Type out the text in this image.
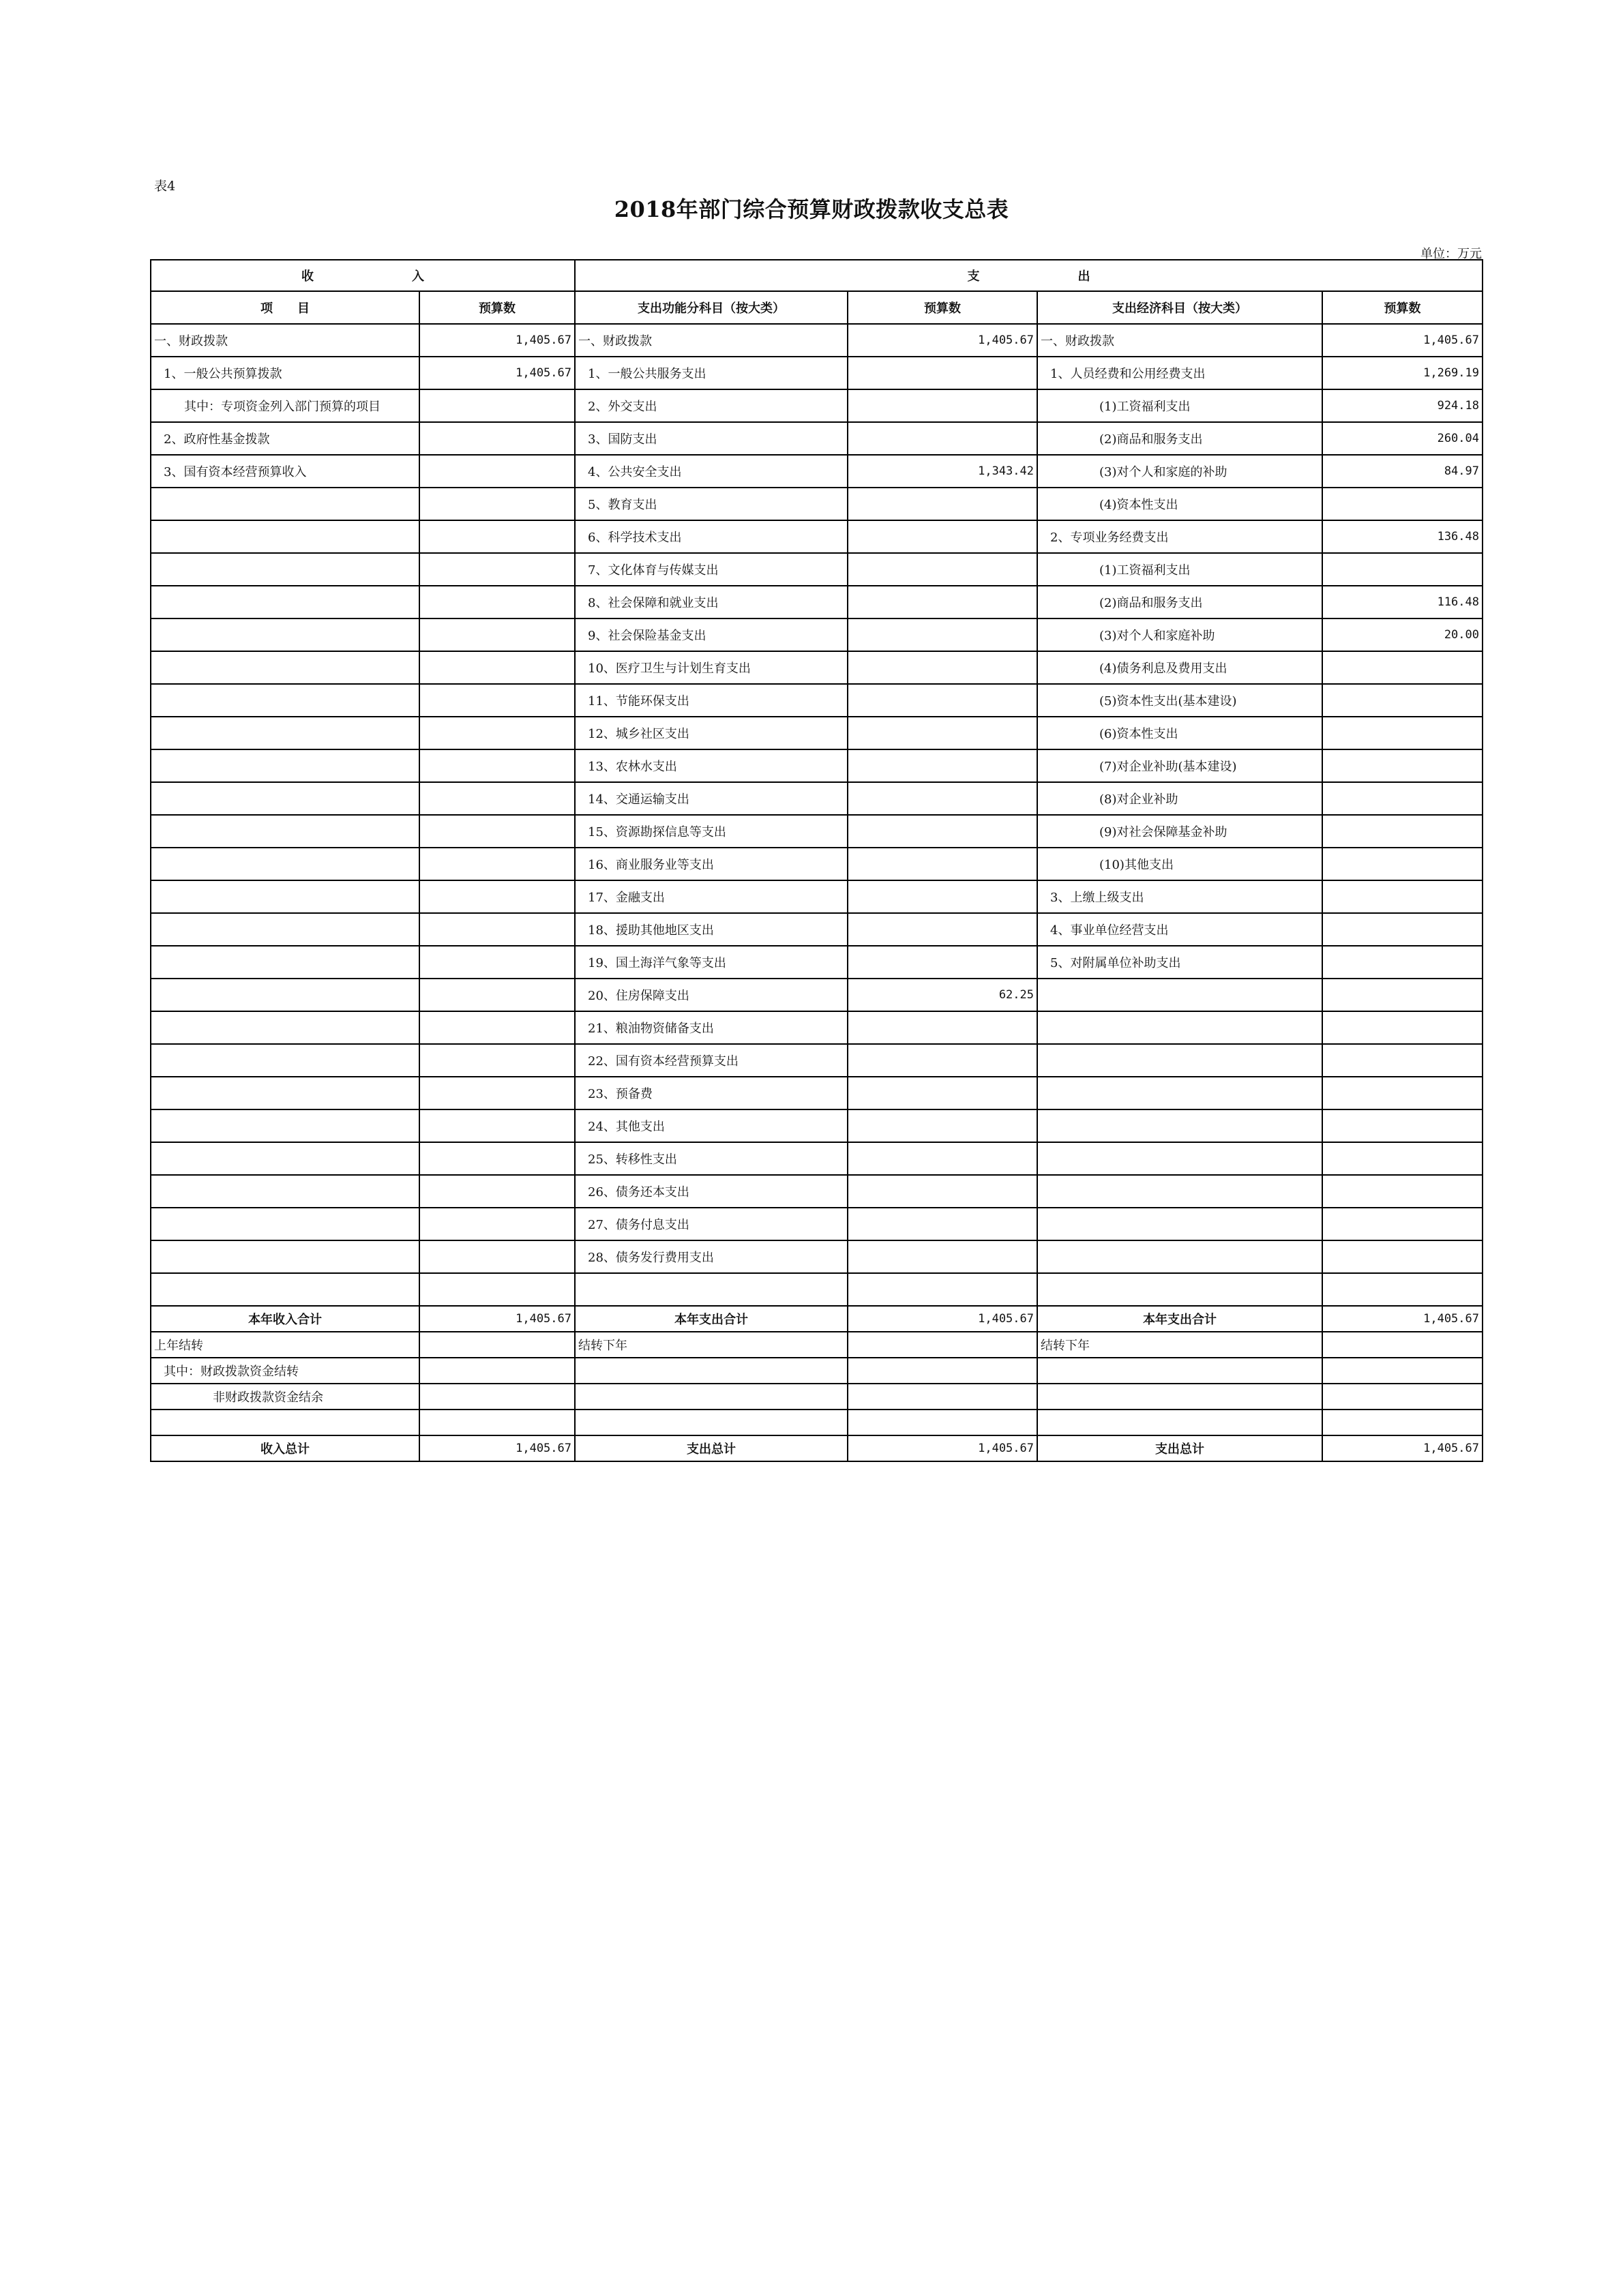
表4
2018年部门综合预算财政拨款收支总表
单位：万元
收　　　　　　　　入		支　　　　　　　　出			
项　　目	预算数	支出功能分科目（按大类）	预算数	支出经济科目（按大类）	预算数
一、财政拨款	1,405.67	一、财政拨款	1,405.67	一、财政拨款	1,405.67
1、一般公共预算拨款	1,405.67	1、一般公共服务支出		1、人员经费和公用经费支出	1,269.19
其中：专项资金列入部门预算的项目		2、外交支出		(1)工资福利支出	924.18
2、政府性基金拨款		3、国防支出		(2)商品和服务支出	260.04
3、国有资本经营预算收入		4、公共安全支出	1,343.42	(3)对个人和家庭的补助	84.97
		5、教育支出		(4)资本性支出	
		6、科学技术支出		2、专项业务经费支出	136.48
		7、文化体育与传媒支出		(1)工资福利支出	
		8、社会保障和就业支出		(2)商品和服务支出	116.48
		9、社会保险基金支出		(3)对个人和家庭补助	20.00
		10、医疗卫生与计划生育支出		(4)债务利息及费用支出	
		11、节能环保支出		(5)资本性支出(基本建设)	
		12、城乡社区支出		(6)资本性支出	
		13、农林水支出		(7)对企业补助(基本建设)	
		14、交通运输支出		(8)对企业补助	
		15、资源勘探信息等支出		(9)对社会保障基金补助	
		16、商业服务业等支出		(10)其他支出	
		17、金融支出		3、上缴上级支出	
		18、援助其他地区支出		4、事业单位经营支出	
		19、国土海洋气象等支出		5、对附属单位补助支出	
		20、住房保障支出	62.25		
		21、粮油物资储备支出			
		22、国有资本经营预算支出			
		23、预备费			
		24、其他支出			
		25、转移性支出			
		26、债务还本支出			
		27、债务付息支出			
		28、债务发行费用支出			

本年收入合计	1,405.67	本年支出合计	1,405.67	本年支出合计	1,405.67
上年结转		结转下年		结转下年	
其中：财政拨款资金结转					
非财政拨款资金结余					

收入总计	1,405.67	支出总计	1,405.67	支出总计	1,405.67
